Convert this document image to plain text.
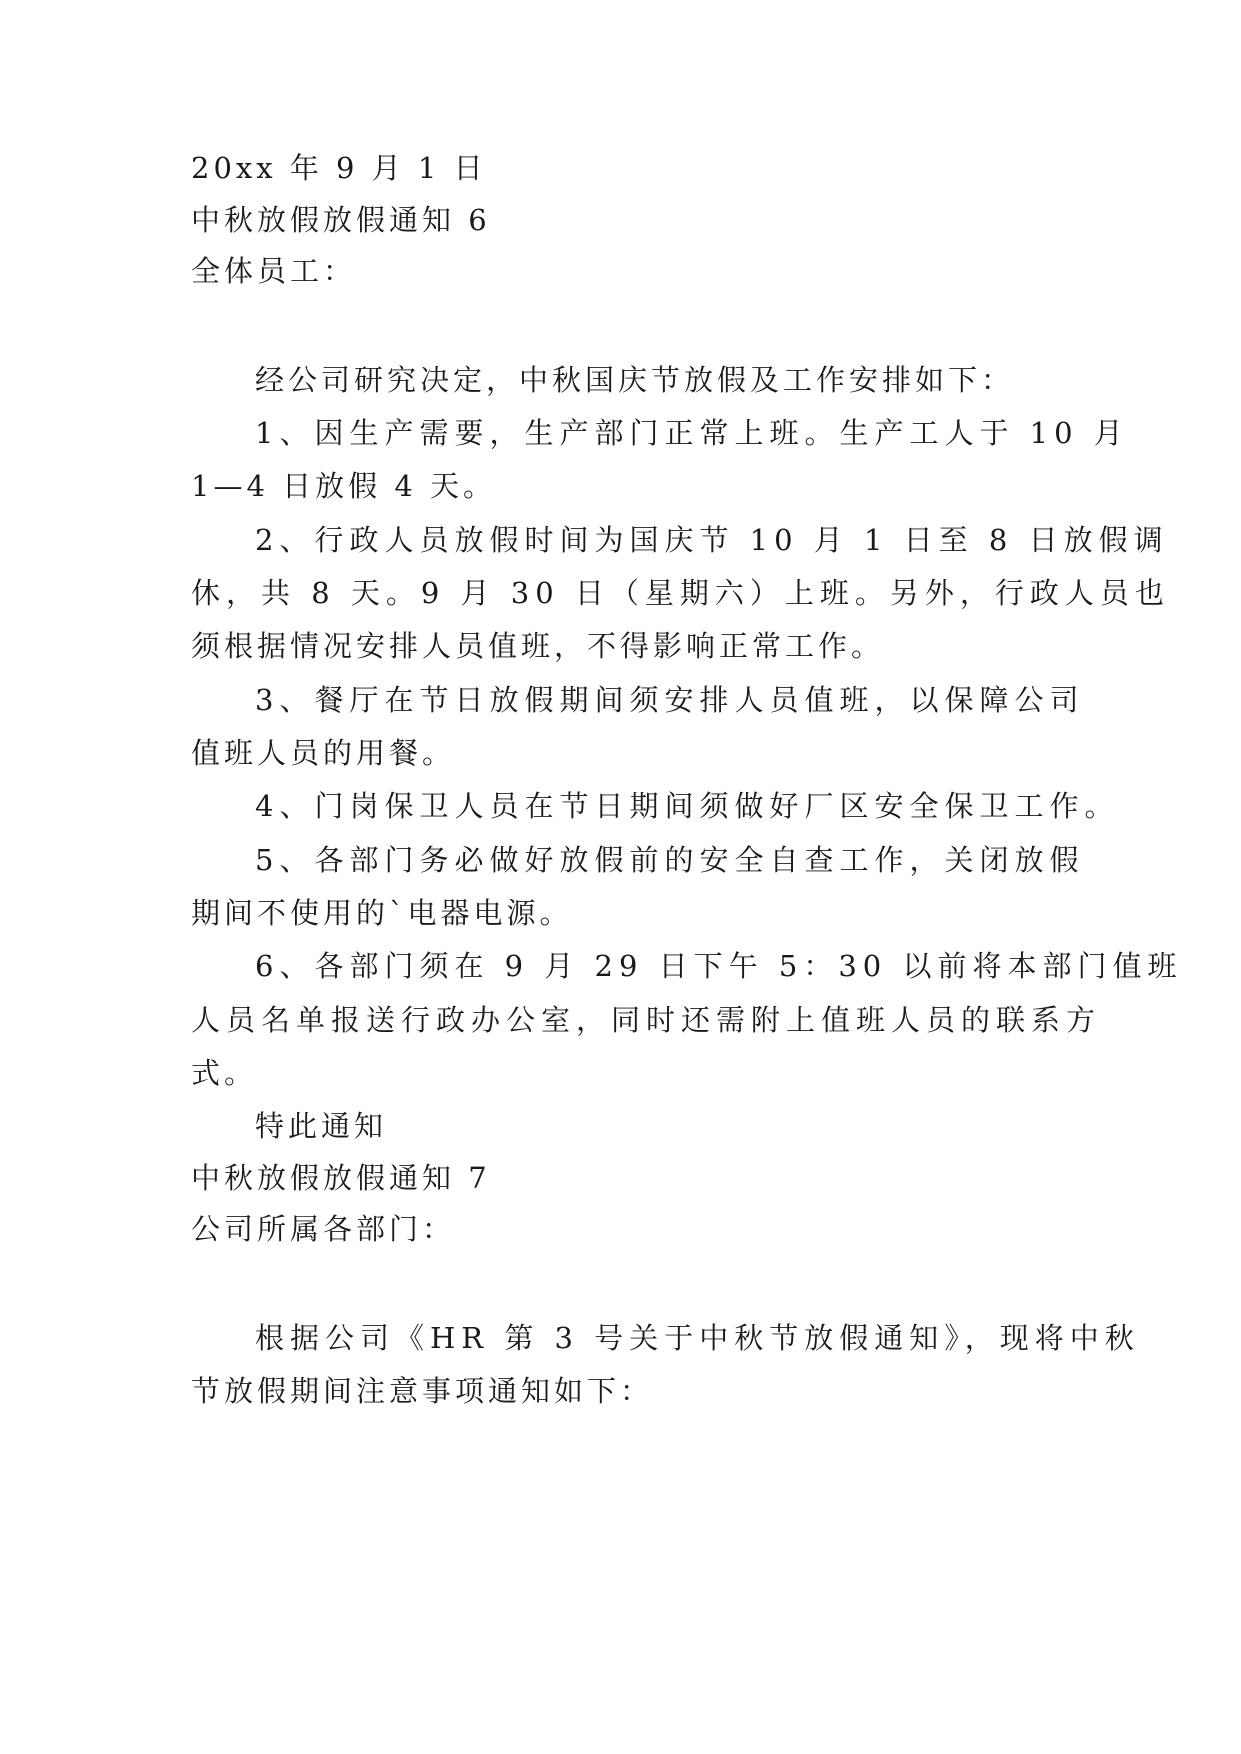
20xx 年 9 月 1 日
中秋放假放假通知 6
全体员工：
经公司研究决定，中秋国庆节放假及工作安排如下：
1、因生产需要，生产部门正常上班。生产工人于 10 月
1—4 日放假 4 天。
2、行政人员放假时间为国庆节 10 月 1 日至 8 日放假调
休，共 8 天。9 月 30 日（星期六）上班。另外，行政人员也
须根据情况安排人员值班，不得影响正常工作。
3、餐厅在节日放假期间须安排人员值班，以保障公司
值班人员的用餐。
4、门岗保卫人员在节日期间须做好厂区安全保卫工作。
5、各部门务必做好放假前的安全自查工作，关闭放假
期间不使用的`电器电源。
6、各部门须在 9 月 29 日下午 5：30 以前将本部门值班
人员名单报送行政办公室，同时还需附上值班人员的联系方
式。
特此通知
中秋放假放假通知 7
公司所属各部门：
根据公司《HR 第 3 号关于中秋节放假通知》，现将中秋
节放假期间注意事项通知如下：
